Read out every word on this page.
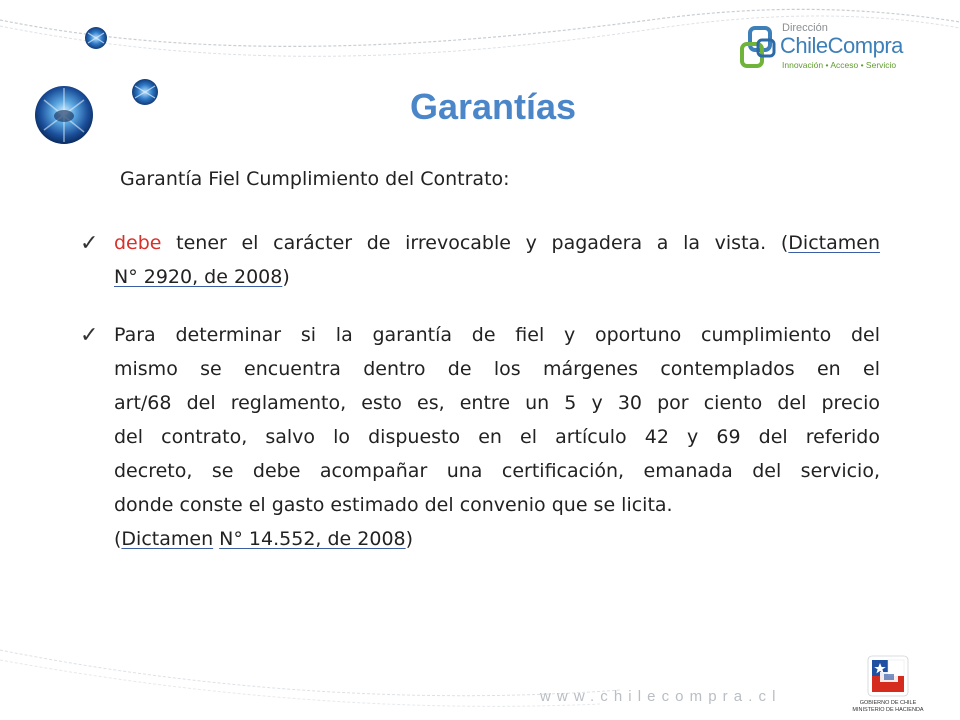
Dirección
ChileCompra
Innovación • Acceso • Servicio
Garantías
Garantía Fiel Cumplimiento del Contrato:
✓ debe tener el carácter de irrevocable y pagadera a la vista. (Dictamen
N° 2920, de 2008)
✓ Para determinar si la garantía de fiel y oportuno cumplimiento del
mismo se encuentra dentro de los márgenes contemplados en el
art/68 del reglamento, esto es, entre un 5 y 30 por ciento del precio
del contrato, salvo lo dispuesto en el artículo 42 y 69 del referido
decreto, se debe acompañar una certificación, emanada del servicio,
donde conste el gasto estimado del convenio que se licita.
(Dictamen N° 14.552, de 2008)
www.chilecompra.cl	GOBIERNO DE CHILE
MINISTERIO DE HACIENDA
